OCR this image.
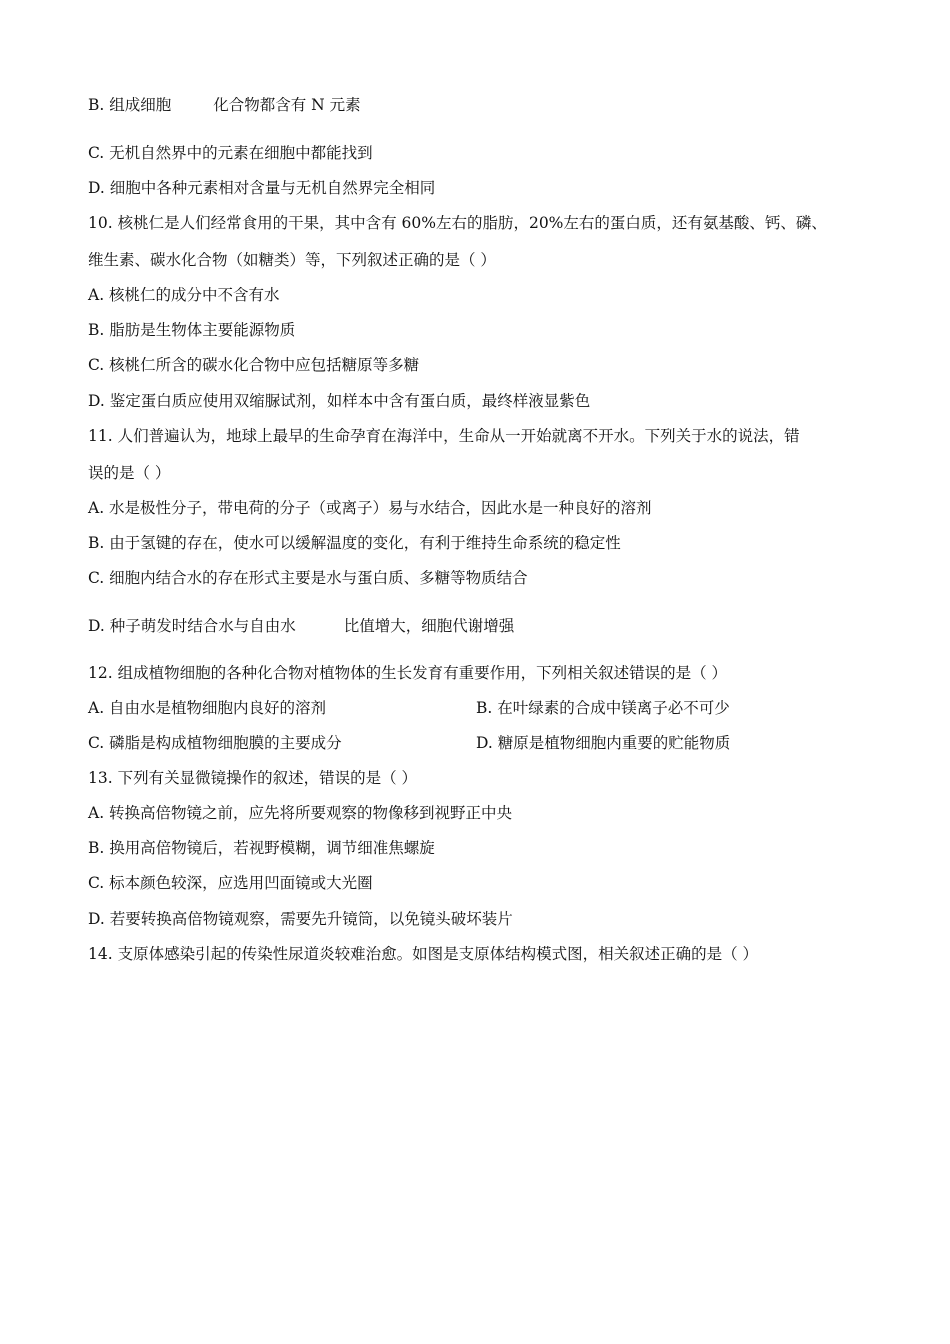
B. 组成细胞	化合物都含有 N 元素
C. 无机自然界中的元素在细胞中都能找到
D. 细胞中各种元素相对含量与无机自然界完全相同
10. 核桃仁是人们经常食用的干果，其中含有 60%左右的脂肪，20%左右的蛋白质，还有氨基酸、钙、磷、
维生素、碳水化合物（如糖类）等，下列叙述正确的是（ ）
A. 核桃仁的成分中不含有水
B. 脂肪是生物体主要能源物质
C. 核桃仁所含的碳水化合物中应包括糖原等多糖
D. 鉴定蛋白质应使用双缩脲试剂，如样本中含有蛋白质，最终样液显紫色
11. 人们普遍认为，地球上最早的生命孕育在海洋中，生命从一开始就离不开水。下列关于水的说法，错
误的是（ ）
A. 水是极性分子，带电荷的分子（或离子）易与水结合，因此水是一种良好的溶剂
B. 由于氢键的存在，使水可以缓解温度的变化，有利于维持生命系统的稳定性
C. 细胞内结合水的存在形式主要是水与蛋白质、多糖等物质结合
D. 种子萌发时结合水与自由水	比值增大，细胞代谢增强
12. 组成植物细胞的各种化合物对植物体的生长发育有重要作用，下列相关叙述错误的是（ ）
A. 自由水是植物细胞内良好的溶剂	B. 在叶绿素的合成中镁离子必不可少
C. 磷脂是构成植物细胞膜的主要成分	D. 糖原是植物细胞内重要的贮能物质
13. 下列有关显微镜操作的叙述，错误的是（ ）
A. 转换高倍物镜之前，应先将所要观察的物像移到视野正中央
B. 换用高倍物镜后，若视野模糊，调节细准焦螺旋
C. 标本颜色较深，应选用凹面镜或大光圈
D. 若要转换高倍物镜观察，需要先升镜筒，以免镜头破坏装片
14. 支原体感染引起的传染性尿道炎较难治愈。如图是支原体结构模式图，相关叙述正确的是（ ）
